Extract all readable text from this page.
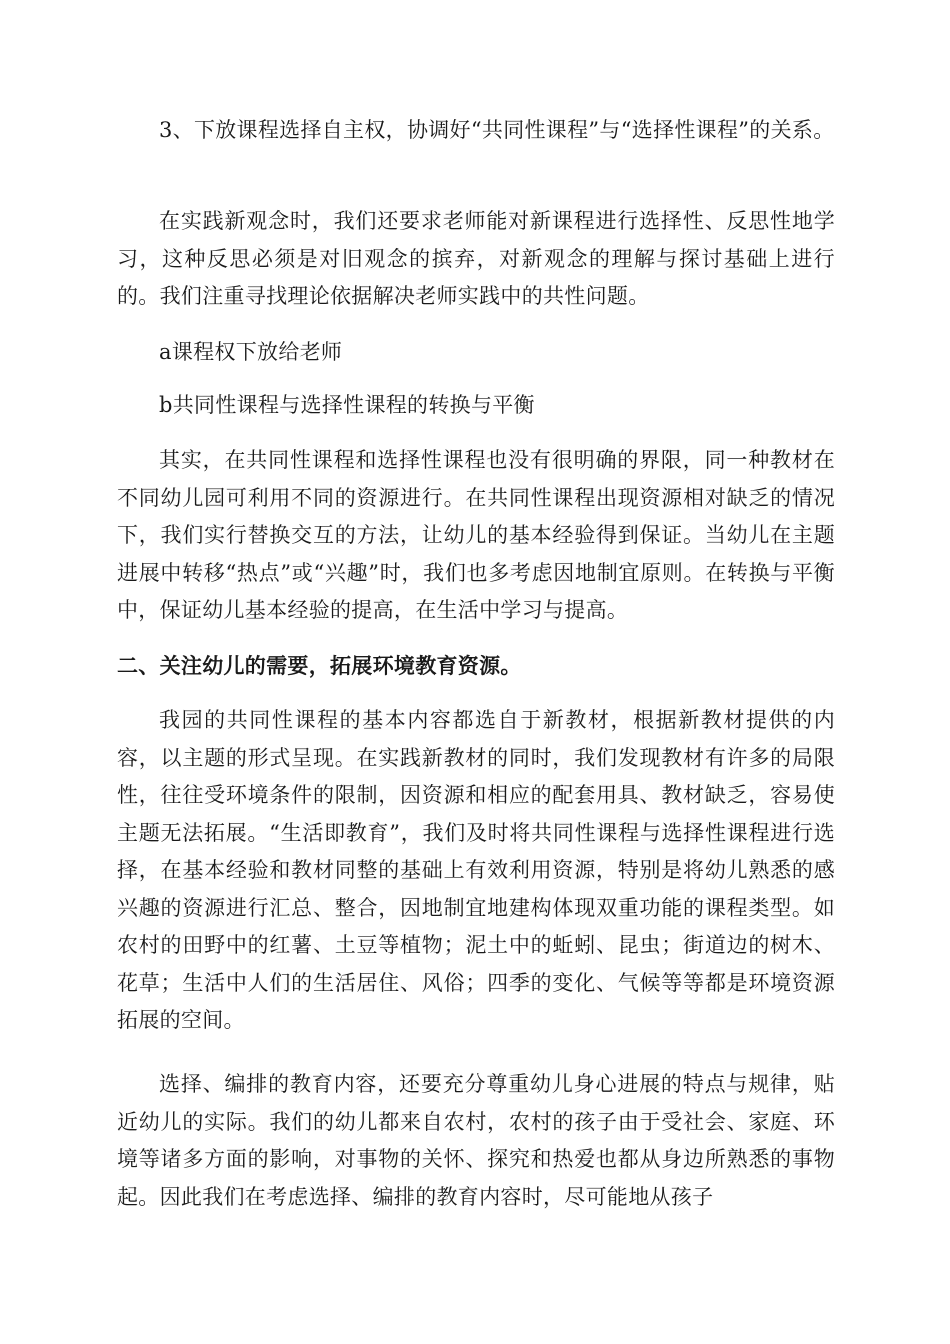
3、下放课程选择自主权，协调好“共同性课程”与“选择性课程”的关系。

在实践新观念时，我们还要求老师能对新课程进行选择性、反思性地学习，这种反思必须是对旧观念的摈弃，对新观念的理解与探讨基础上进行的。我们注重寻找理论依据解决老师实践中的共性问题。

a课程权下放给老师

b共同性课程与选择性课程的转换与平衡

其实，在共同性课程和选择性课程也没有很明确的界限，同一种教材在不同幼儿园可利用不同的资源进行。在共同性课程出现资源相对缺乏的情况下，我们实行替换交互的方法，让幼儿的基本经验得到保证。当幼儿在主题进展中转移“热点”或“兴趣”时，我们也多考虑因地制宜原则。在转换与平衡中，保证幼儿基本经验的提高，在生活中学习与提高。

二、关注幼儿的需要，拓展环境教育资源。

我园的共同性课程的基本内容都选自于新教材，根据新教材提供的内容，以主题的形式呈现。在实践新教材的同时，我们发现教材有许多的局限性，往往受环境条件的限制，因资源和相应的配套用具、教材缺乏，容易使主题无法拓展。“生活即教育”，我们及时将共同性课程与选择性课程进行选择，在基本经验和教材同整的基础上有效利用资源，特别是将幼儿熟悉的感兴趣的资源进行汇总、整合，因地制宜地建构体现双重功能的课程类型。如农村的田野中的红薯、土豆等植物；泥土中的蚯蚓、昆虫；街道边的树木、花草；生活中人们的生活居住、风俗；四季的变化、气候等等都是环境资源拓展的空间。

选择、编排的教育内容，还要充分尊重幼儿身心进展的特点与规律，贴近幼儿的实际。我们的幼儿都来自农村，农村的孩子由于受社会、家庭、环境等诸多方面的影响，对事物的关怀、探究和热爱也都从身边所熟悉的事物起。因此我们在考虑选择、编排的教育内容时，尽可能地从孩子
